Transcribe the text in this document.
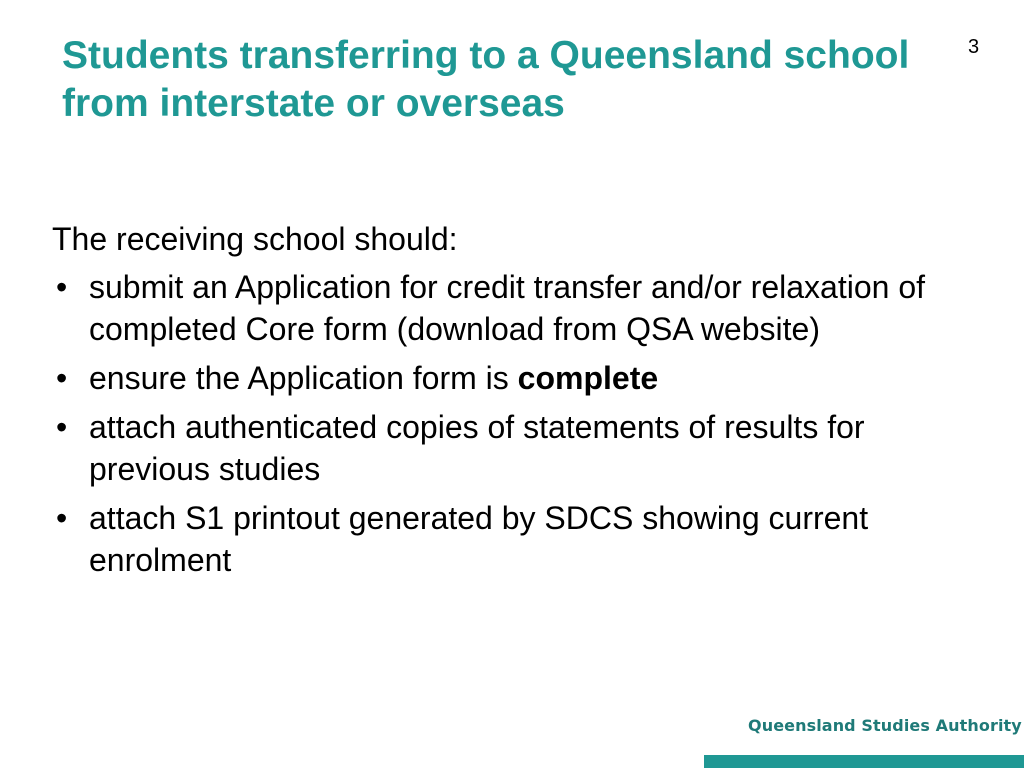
Students transferring to a Queensland school from interstate or overseas
3

The receiving school should:

• submit an Application for credit transfer and/or relaxation of completed Core form (download from QSA website)
• ensure the Application form is complete
• attach authenticated copies of statements of results for previous studies
• attach S1 printout generated by SDCS showing current enrolment
Queensland Studies Authority
